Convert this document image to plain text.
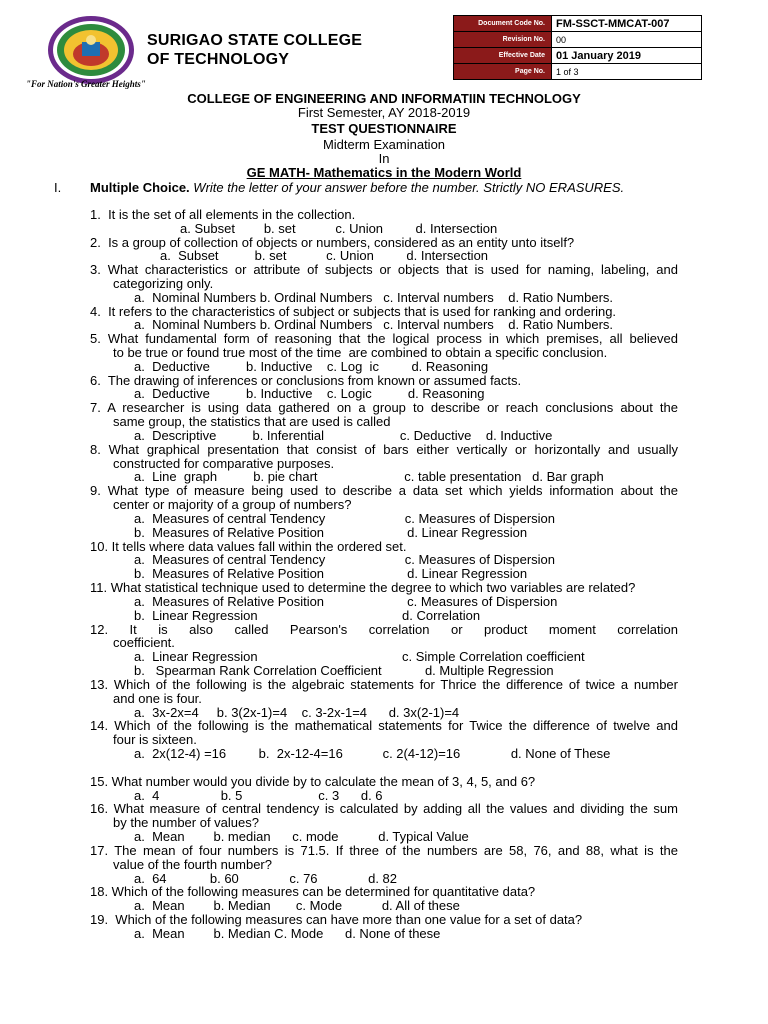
SURIGAO STATE COLLEGE
OF TECHNOLOGY
"For Nation's Greater Heights"
Document Code No.	FM-SSCT-MMCAT-007
Revision No.	00
Effective Date	01 January 2019
Page No.	1 of 3
COLLEGE OF ENGINEERING AND INFORMATIIN TECHNOLOGY
First Semester, AY 2018-2019
TEST QUESTIONNAIRE
Midterm Examination
In
GE MATH- Mathematics in the Modern World
I. Multiple Choice. Write the letter of your answer before the number. Strictly NO ERASURES.
1.  It is the set of all elements in the collection.
a. Subset        b. set           c. Union         d. Intersection
2.  Is a group of collection of objects or numbers, considered as an entity unto itself?
a.  Subset          b. set           c. Union         d. Intersection
3. What characteristics or attribute of subjects or objects that is used for naming, labeling, and
categorizing only.
a.  Nominal Numbers b. Ordinal Numbers   c. Interval numbers    d. Ratio Numbers.
4.  It refers to the characteristics of subject or subjects that is used for ranking and ordering.
a.  Nominal Numbers b. Ordinal Numbers   c. Interval numbers    d. Ratio Numbers.
5. What fundamental form of reasoning that the logical process in which premises, all believed
to be true or found true most of the time  are combined to obtain a specific conclusion.
a.  Deductive          b. Inductive    c. Log  ic         d. Reasoning
6.  The drawing of inferences or conclusions from known or assumed facts.
a.  Deductive          b. Inductive    c. Logic          d. Reasoning
7. A researcher is using data gathered on a group to describe or reach conclusions about the
same group, the statistics that are used is called
a.  Descriptive          b. Inferential                     c. Deductive    d. Inductive
8. What graphical presentation that consist of bars either vertically or horizontally and usually
constructed for comparative purposes.
a.  Line  graph          b. pie chart                        c. table presentation   d. Bar graph
9. What type of measure being used to describe a data set which yields information about the
center or majority of a group of numbers?
a.  Measures of central Tendency                      c. Measures of Dispersion
b.  Measures of Relative Position                       d. Linear Regression
10. It tells where data values fall within the ordered set.
a.  Measures of central Tendency                      c. Measures of Dispersion
b.  Measures of Relative Position                       d. Linear Regression
11. What statistical technique used to determine the degree to which two variables are related?
a.  Measures of Relative Position                       c. Measures of Dispersion
b.  Linear Regression                                        d. Correlation
12. It is also called Pearson's correlation or product moment correlation
coefficient.
a.  Linear Regression                                        c. Simple Correlation coefficient
b.   Spearman Rank Correlation Coefficient            d. Multiple Regression
13. Which of the following is the algebraic statements for Thrice the difference of twice a number
and one is four.
a.  3x-2x=4     b. 3(2x-1)=4    c. 3-2x-1=4      d. 3x(2-1)=4
14. Which of the following is the mathematical statements for Twice the difference of twelve and
four is sixteen.
a.  2x(12-4) =16         b.  2x-12-4=16           c. 2(4-12)=16              d. None of These
15. What number would you divide by to calculate the mean of 3, 4, 5, and 6?
a.  4                 b. 5                     c. 3      d. 6
16. What measure of central tendency is calculated by adding all the values and dividing the sum
by the number of values?
a.  Mean        b. median      c. mode           d. Typical Value
17. The mean of four numbers is 71.5. If three of the numbers are 58, 76, and 88, what is the
value of the fourth number?
a.  64            b. 60              c. 76              d. 82
18. Which of the following measures can be determined for quantitative data?
a.  Mean        b. Median       c. Mode           d. All of these
19.  Which of the following measures can have more than one value for a set of data?
a.  Mean        b. Median C. Mode      d. None of these
